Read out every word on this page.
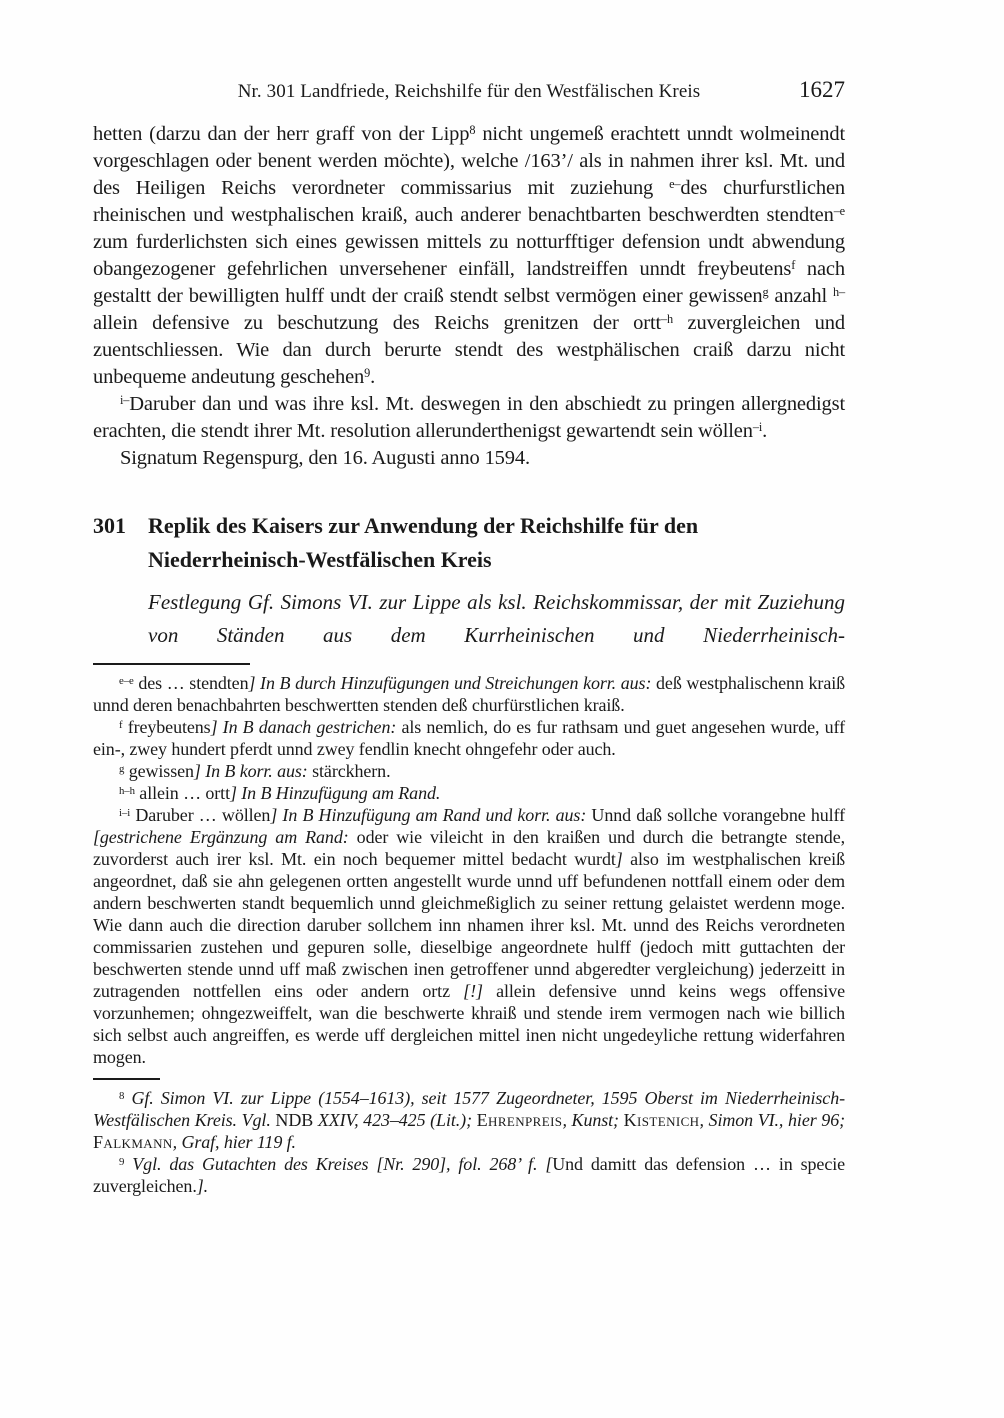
Nr. 301 Landfriede, Reichshilfe für den Westfälischen Kreis	1627

hetten (darzu dan der herr graff von der Lipp$^8$ nicht ungemeß erachtett unndt wolmeinendt vorgeschlagen oder benent werden möchte), welche /163’/ als in nahmen ihrer ksl. Mt. und des Heiligen Reichs verordneter commissarius mit zuziehung $^{e-}$des churfurstlichen rheinischen und westphalischen kraiß, auch anderer benachtbarten beschwerdten stendten$^{-e}$ zum furderlichsten sich eines gewissen mittels zu notturfftiger defension undt abwendung obangezogener gefehrlichen unversehener einfäll, landstreiffen unndt freybeutens$^f$ nach gestaltt der bewilligten hulff undt der craiß stendt selbst vermögen einer gewissen$^g$ anzahl $^{h-}$allein defensive zu beschutzung des Reichs grenitzen der ortt$^{-h}$ zuvergleichen und zuentschliessen. Wie dan durch berurte stendt des westphälischen craiß darzu nicht unbequeme andeutung geschehen$^9$.

$^{i-}$Daruber dan und was ihre ksl. Mt. deswegen in den abschiedt zu pringen allergnedigst erachten, die stendt ihrer Mt. resolution allerunderthenigst gewartendt sein wöllen$^{-i}$.

Signatum Regenspurg, den 16. Augusti anno 1594.

301 Replik des Kaisers zur Anwendung der Reichshilfe für den Niederrheinisch-Westfälischen Kreis

Festlegung Gf. Simons VI. zur Lippe als ksl. Reichskommissar, der mit Zuziehung von Ständen aus dem Kurrheinischen und Niederrheinisch-

$^{e-e}$ des … stendten] In B durch Hinzufügungen und Streichungen korr. aus: deß westphalischenn kraiß unnd deren benachbahrten beschwertten stenden deß churfürstlichen kraiß.

$^f$ freybeutens] In B danach gestrichen: als nemlich, do es fur rathsam und guet angesehen wurde, uff ein-, zwey hundert pferdt unnd zwey fendlin knecht ohngefehr oder auch.

$^g$ gewissen] In B korr. aus: stärckhern.

$^{h-h}$ allein … ortt] In B Hinzufügung am Rand.

$^{i-i}$ Daruber … wöllen] In B Hinzufügung am Rand und korr. aus: Unnd daß sollche vorangebne hulff [gestrichene Ergänzung am Rand: oder wie vileicht in den kraißen und durch die betrangte stende, zuvorderst auch irer ksl. Mt. ein noch bequemer mittel bedacht wurdt] also im westphalischen kreiß angeordnet, daß sie ahn gelegenen ortten angestellt wurde unnd uff befundenen nottfall einem oder dem andern beschwerten standt bequemlich unnd gleichmeßiglich zu seiner rettung gelaistet werdenn moge. Wie dann auch die direction daruber sollchem inn nhamen ihrer ksl. Mt. unnd des Reichs verordneten commissarien zustehen und gepuren solle, dieselbige angeordnete hulff (jedoch mitt guttachten der beschwerten stende unnd uff maß zwischen inen getroffener unnd abgeredter vergleichung) jederzeitt in zutragenden nottfellen eins oder andern ortz [!] allein defensive unnd keins wegs offensive vorzunhemen; ohngezweiffelt, wan die beschwerte khraiß und stende irem vermogen nach wie billich sich selbst auch angreiffen, es werde uff dergleichen mittel inen nicht ungedeyliche rettung widerfahren mogen.

$^8$ Gf. Simon VI. zur Lippe (1554–1613), seit 1577 Zugeordneter, 1595 Oberst im Niederrheinisch-Westfälischen Kreis. Vgl. NDB XXIV, 423–425 (Lit.); Ehrenpreis, Kunst; Kistenich, Simon VI., hier 96; Falkmann, Graf, hier 119 f.

$^9$ Vgl. das Gutachten des Kreises [Nr. 290], fol. 268’ f. [Und damitt das defension … in specie zuvergleichen.].
